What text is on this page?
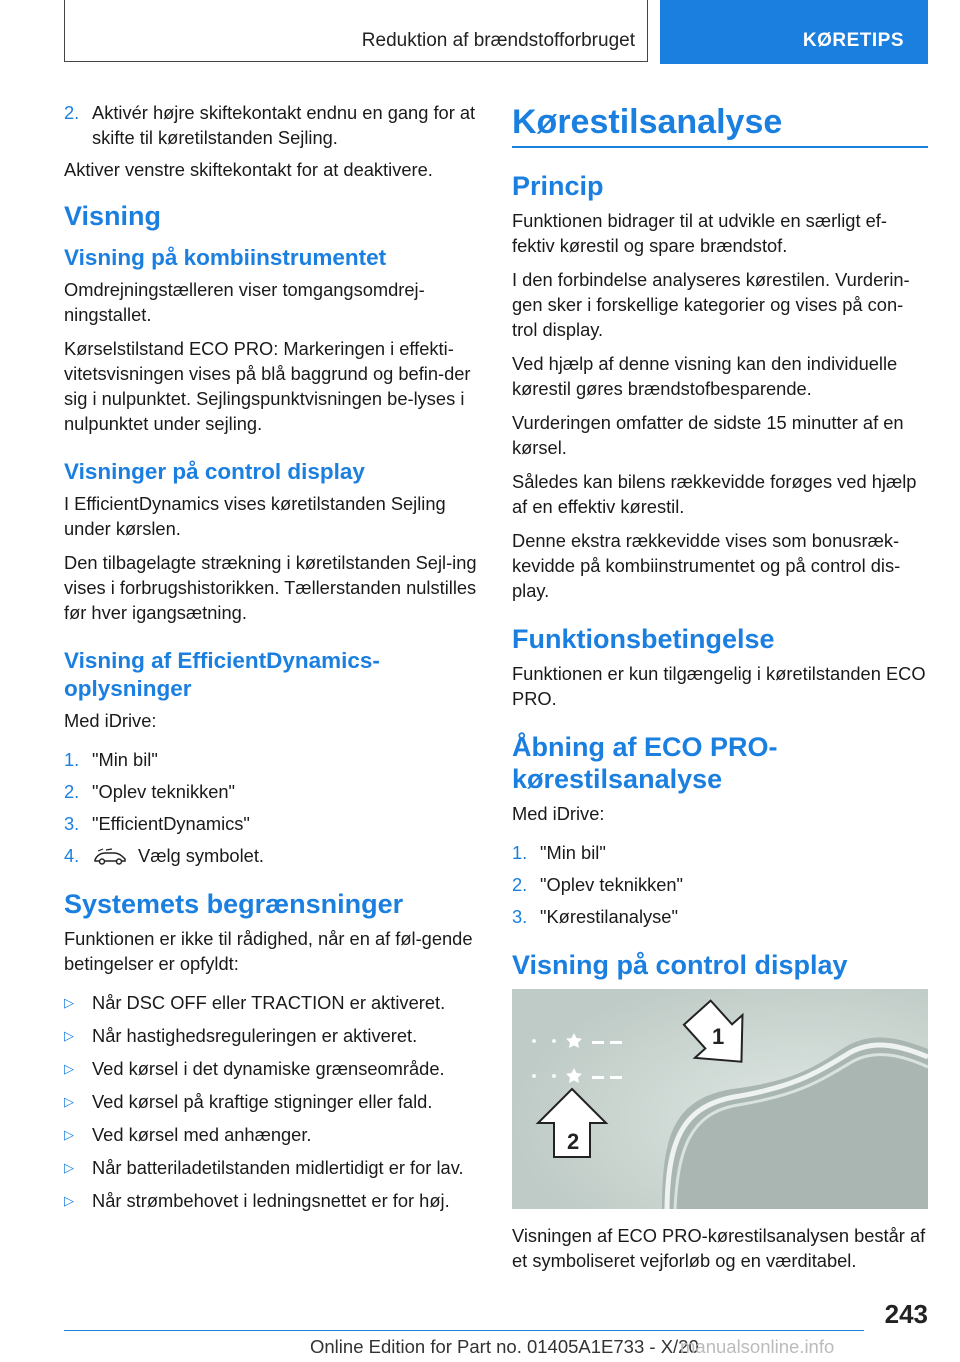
Reduktion af brændstofforbruget	KØRETIPS
2. Aktivér højre skiftekontakt endnu en gang for at skifte til køretilstanden Sejling.

Aktiver venstre skiftekontakt for at deaktivere.

Visning
Visning på kombiinstrumentet

Omdrejningstælleren viser tomgangsomdrej-ningstallet.

Kørselstilstand ECO PRO: Markeringen i effekti-vitetsvisningen vises på blå baggrund og befin-der sig i nulpunktet. Sejlingspunktvisningen be-lyses i nulpunktet under sejling.

Visninger på control display

I EfficientDynamics vises køretilstanden Sejling under kørslen.

Den tilbagelagte strækning i køretilstanden Sejl-ing vises i forbrugshistorikken. Tællerstanden nulstilles før hver igangsætning.

Visning af EfficientDynamics-oplysninger

Med iDrive:

1. "Min bil"
2. "Oplev teknikken"
3. "EfficientDynamics"
4.	Vælg symbolet.
Systemets begrænsninger

Funktionen er ikke til rådighed, når en af føl-gende betingelser er opfyldt:

▷ Når DSC OFF eller TRACTION er aktiveret.
▷ Når hastighedsreguleringen er aktiveret.
▷ Ved kørsel i det dynamiske grænseområde.
▷ Ved kørsel på kraftige stigninger eller fald.
▷ Ved kørsel med anhænger.
▷ Når batteriladetilstanden midlertidigt er for lav.
▷ Når strømbehovet i ledningsnettet er for høj.
Kørestilsanalyse
Princip

Funktionen bidrager til at udvikle en særligt ef-fektiv kørestil og spare brændstof.

I den forbindelse analyseres kørestilen. Vurderin-gen sker i forskellige kategorier og vises på con-trol display.

Ved hjælp af denne visning kan den individuelle kørestil gøres brændstofbesparende.

Vurderingen omfatter de sidste 15 minutter af en kørsel.

Således kan bilens rækkevidde forøges ved hjælp af en effektiv kørestil.

Denne ekstra rækkevidde vises som bonusræk-kevidde på kombiinstrumentet og på control dis-play.

Funktionsbetingelse

Funktionen er kun tilgængelig i køretilstanden ECO PRO.

Åbning af ECO PRO-kørestilsanalyse

Med iDrive:

1. "Min bil"
2. "Oplev teknikken"
3. "Kørestilanalyse"
Visning på control display
1
2

Visningen af ECO PRO-kørestilsanalysen består af et symboliseret vejforløb og en værditabel.

243
Online Edition for Part no. 01405A1E733 - X/20
manualsonline.info
